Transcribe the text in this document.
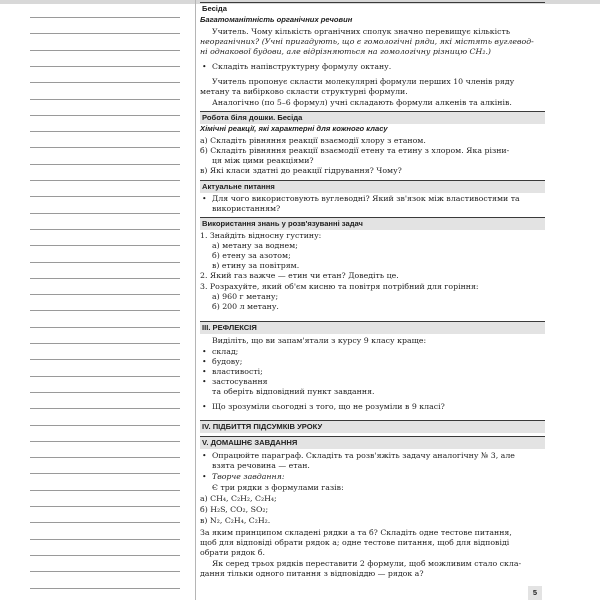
Бесіда
Багатоманітність органічних речовин
Учитель. Чому кількість органічних сполук значно перевищує кількість
неорганічних? (Учні пригадують, що є гомологічні ряди, які містять вуглевод-
ні однакової будови, але відрізняються на гомологічну різницю CH₂.)
• Складіть напівструктурну формулу октану.
Учитель пропонує скласти молекулярні формули перших 10 членів ряду
метану та вибірково скласти структурні формули.
Аналогічно (по 5–6 формул) учні складають формули алкенів та алкінів.
Робота біля дошки. Бесіда
Хімічні реакції, які характерні для кожного класу
а) Складіть рівняння реакції взаємодії хлору з етаном.
б) Складіть рівняння реакції взаємодії етену та етину з хлором. Яка різни-
ця між цими реакціями?
в) Які класи здатні до реакції гідрування? Чому?
Актуальне питання
• Для чого використовують вуглеводні? Який зв'язок між властивостями та
використанням?
Використання знань у розв'язуванні задач
1. Знайдіть відносну густину:
а) метану за воднем;
б) етену за азотом;
в) етину за повітрям.
2. Який газ важче — етин чи етан? Доведіть це.
3. Розрахуйте, який об'єм кисню та повітря потрібний для горіння:
а) 960 г метану;
б) 200 л метану.
III. РЕФЛЕКСІЯ
Виділіть, що ви запам'ятали з курсу 9 класу краще:
• склад;
• будову;
• властивості;
• застосування
та оберіть відповідний пункт завдання.
• Що зрозуміли сьогодні з того, що не розуміли в 9 класі?
IV. ПІДБИТТЯ ПІДСУМКІВ УРОКУ
V. ДОМАШНЄ ЗАВДАННЯ
• Опрацюйте параграф. Складіть та розв'яжіть задачу аналогічну № 3, але
взята речовина — етан.
• Творче завдання:
Є три рядки з формулами газів:
а) CH₄, C₂H₂, C₂H₄;
б) H₂S, CO₂, SO₂;
в) N₂, C₂H₄, C₂H₂.
За яким принципом складені рядки а та б? Складіть одне тестове питання,
щоб для відповіді обрати рядок а; одне тестове питання, щоб для відповіді
обрати рядок б.
Як серед трьох рядків переставити 2 формули, щоб можливим стало скла-
дання тільки одного питання з відповіддю — рядок а?
5
